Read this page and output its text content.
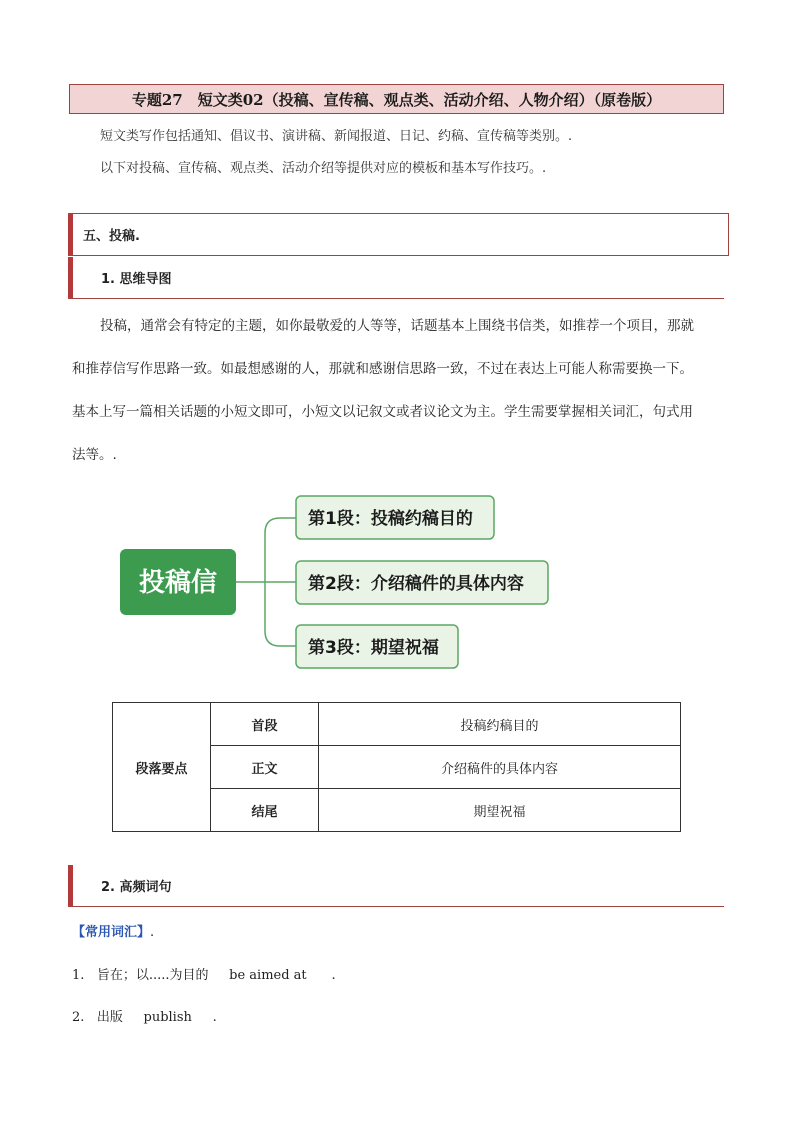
专题27　短文类02（投稿、宣传稿、观点类、活动介绍、人物介绍）（原卷版）
短文类写作包括通知、倡议书、演讲稿、新闻报道、日记、约稿、宣传稿等类别。.
以下对投稿、宣传稿、观点类、活动介绍等提供对应的模板和基本写作技巧。.
五、投稿.
1. 思维导图
投稿，通常会有特定的主题，如你最敬爱的人等等，话题基本上围绕书信类，如推荐一个项目，那就
和推荐信写作思路一致。如最想感谢的人，那就和感谢信思路一致，不过在表达上可能人称需要换一下。
基本上写一篇相关话题的小短文即可，小短文以记叙文或者议论文为主。学生需要掌握相关词汇，句式用
法等。.
投稿信
第1段：投稿约稿目的
第2段：介绍稿件的具体内容
第3段：期望祝福
段落要点	首段	投稿约稿目的
	正文	介绍稿件的具体内容
	结尾	期望祝福
2. 高频词句
【常用词汇】.
1. 旨在；以.....为目的 be aimed at .
2. 出版 publish .
